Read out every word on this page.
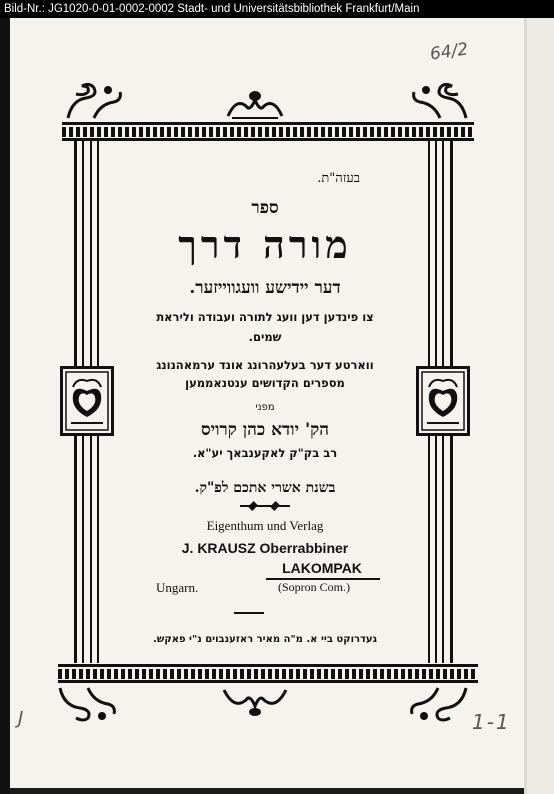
Bild-Nr.: JG1020-0-01-0002-0002 Stadt- und Universitätsbibliothek Frankfurt/Main
64/2
J	1-1
בעזה"ת.
ספר
מורה דרך
דער יידישע וועגווייזער.
צו פינדען דען וועג לתורה ועבודה וליראת
שמים.
ווארטע דער בעלעהרונג אונד ערמאהנונג
מספרים הקדושים ענטנאממען
מפני
הק' יודא כהן קרויס
רב בק"ק לאקענבאך יע"א.
בשנת אשרי אתכם לפ"ק.
Eigenthum und Verlag
J. KRAUSZ Oberrabbiner
LAKOMPAK
Ungarn.	(Sopron Com.)
געדרוקט ביי א. מ"ה מאיר ראזענבוים נ"י פאקש.
